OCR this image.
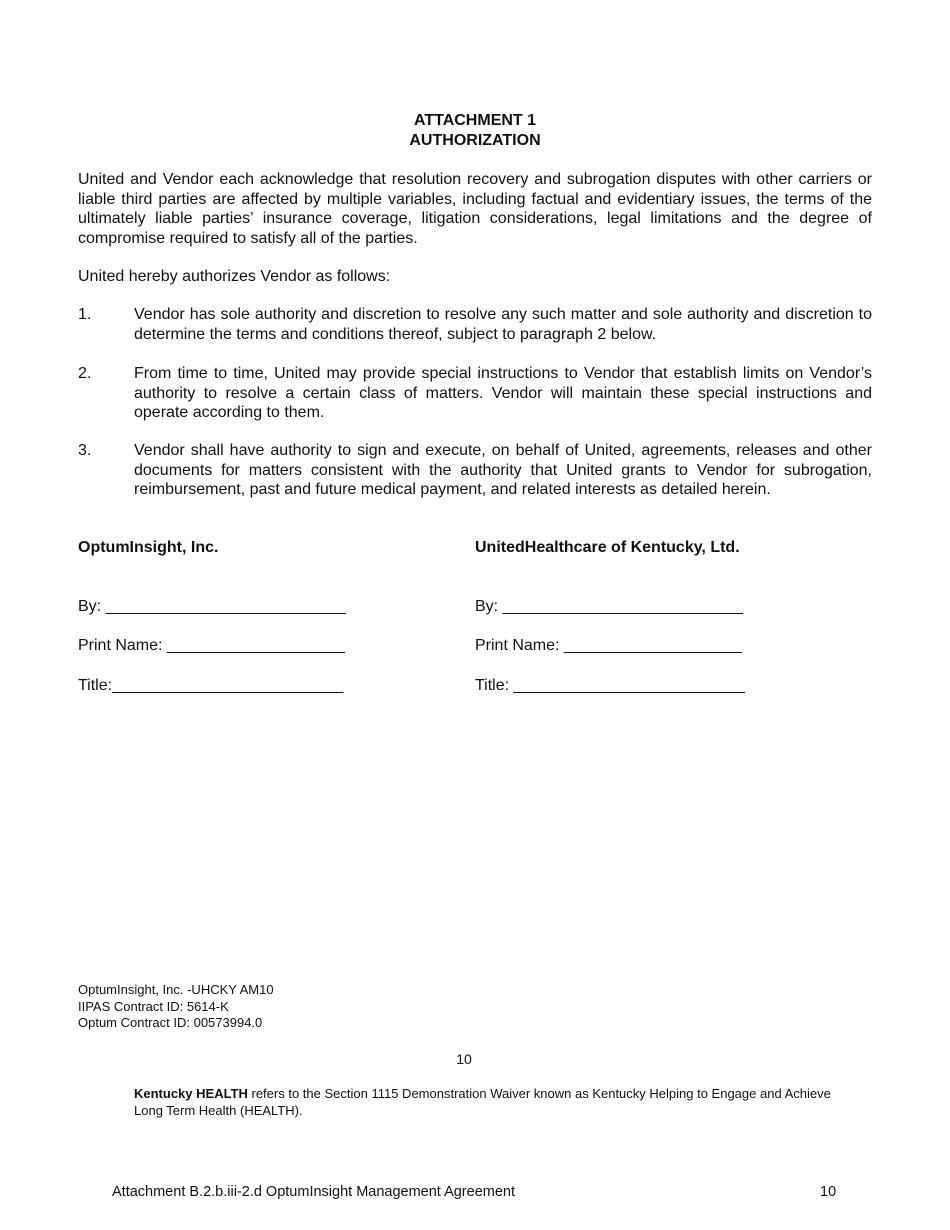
ATTACHMENT 1
AUTHORIZATION

United and Vendor each acknowledge that resolution recovery and subrogation disputes with other carriers or liable third parties are affected by multiple variables, including factual and evidentiary issues, the terms of the ultimately liable parties’ insurance coverage, litigation considerations, legal limitations and the degree of compromise required to satisfy all of the parties.

United hereby authorizes Vendor as follows:

1.	Vendor has sole authority and discretion to resolve any such matter and sole authority and discretion to determine the terms and conditions thereof, subject to paragraph 2 below.
2.	From time to time, United may provide special instructions to Vendor that establish limits on Vendor’s authority to resolve a certain class of matters. Vendor will maintain these special instructions and operate according to them.
3.	Vendor shall have authority to sign and execute, on behalf of United, agreements, releases and other documents for matters consistent with the authority that United grants to Vendor for subrogation, reimbursement, past and future medical payment, and related interests as detailed herein.
OptumInsight, Inc.	UnitedHealthcare of Kentucky, Ltd.
By: ___________________________	By: ___________________________
Print Name: ____________________	Print Name: ____________________
Title:__________________________	Title: __________________________
OptumInsight, Inc. -UHCKY AM10
IIPAS Contract ID: 5614-K
Optum Contract ID: 00573994.0
10
Kentucky HEALTH refers to the Section 1115 Demonstration Waiver known as Kentucky Helping to Engage and Achieve Long Term Health (HEALTH).
Attachment B.2.b.iii-2.d OptumInsight Management Agreement	10
